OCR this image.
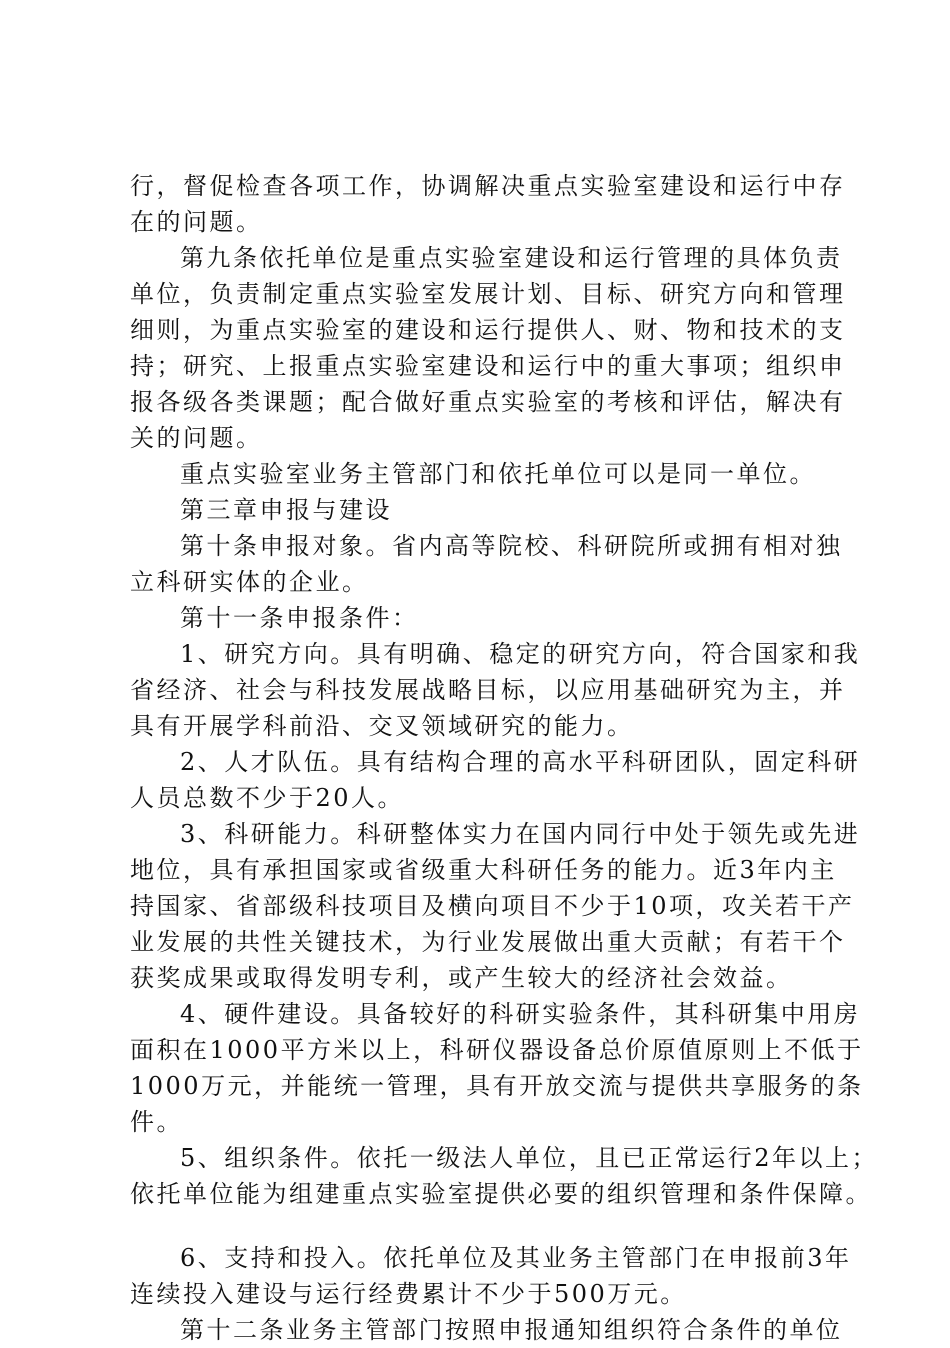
行，督促检查各项工作，协调解决重点实验室建设和运行中存
在的问题。
第九条依托单位是重点实验室建设和运行管理的具体负责
单位，负责制定重点实验室发展计划、目标、研究方向和管理
细则，为重点实验室的建设和运行提供人、财、物和技术的支
持；研究、上报重点实验室建设和运行中的重大事项；组织申
报各级各类课题；配合做好重点实验室的考核和评估，解决有
关的问题。
重点实验室业务主管部门和依托单位可以是同一单位。
第三章申报与建设
第十条申报对象。省内高等院校、科研院所或拥有相对独
立科研实体的企业。
第十一条申报条件：
1、研究方向。具有明确、稳定的研究方向，符合国家和我
省经济、社会与科技发展战略目标，以应用基础研究为主，并
具有开展学科前沿、交叉领域研究的能力。
2、人才队伍。具有结构合理的高水平科研团队，固定科研
人员总数不少于20人。
3、科研能力。科研整体实力在国内同行中处于领先或先进
地位，具有承担国家或省级重大科研任务的能力。近3年内主
持国家、省部级科技项目及横向项目不少于10项，攻关若干产
业发展的共性关键技术，为行业发展做出重大贡献；有若干个
获奖成果或取得发明专利，或产生较大的经济社会效益。
4、硬件建设。具备较好的科研实验条件，其科研集中用房
面积在1000平方米以上，科研仪器设备总价原值原则上不低于
1000万元，并能统一管理，具有开放交流与提供共享服务的条
件。
5、组织条件。依托一级法人单位，且已正常运行2年以上；
依托单位能为组建重点实验室提供必要的组织管理和条件保障。
6、支持和投入。依托单位及其业务主管部门在申报前3年
连续投入建设与运行经费累计不少于500万元。
第十二条业务主管部门按照申报通知组织符合条件的单位
